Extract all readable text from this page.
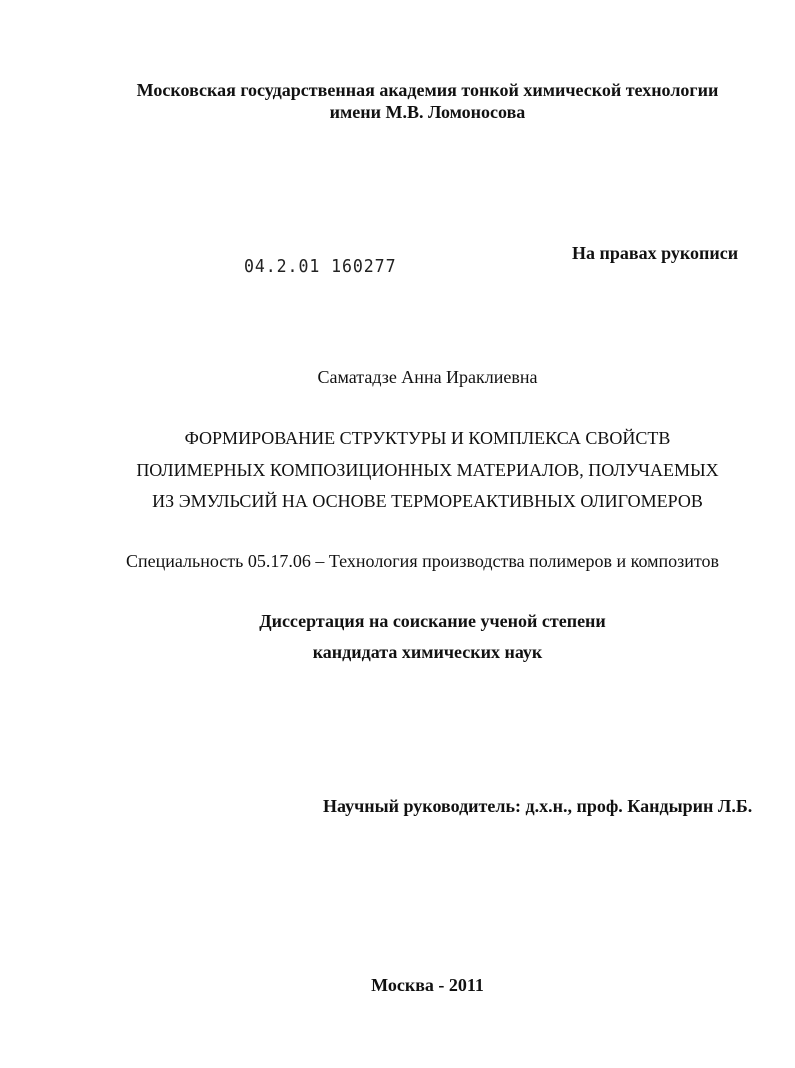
Московская государственная академия тонкой химической технологии
имени М.В. Ломоносова
04.2.01 160277
На правах рукописи
Саматадзе Анна Ираклиевна
ФОРМИРОВАНИЕ СТРУКТУРЫ И КОМПЛЕКСА СВОЙСТВ
ПОЛИМЕРНЫХ КОМПОЗИЦИОННЫХ МАТЕРИАЛОВ, ПОЛУЧАЕМЫХ
ИЗ ЭМУЛЬСИЙ НА ОСНОВЕ ТЕРМОРЕАКТИВНЫХ ОЛИГОМЕРОВ
Специальность 05.17.06 – Технология производства полимеров и композитов
Диссертация на соискание ученой степени
кандидата химических наук
Научный руководитель: д.х.н., проф. Кандырин Л.Б.
Москва - 2011
